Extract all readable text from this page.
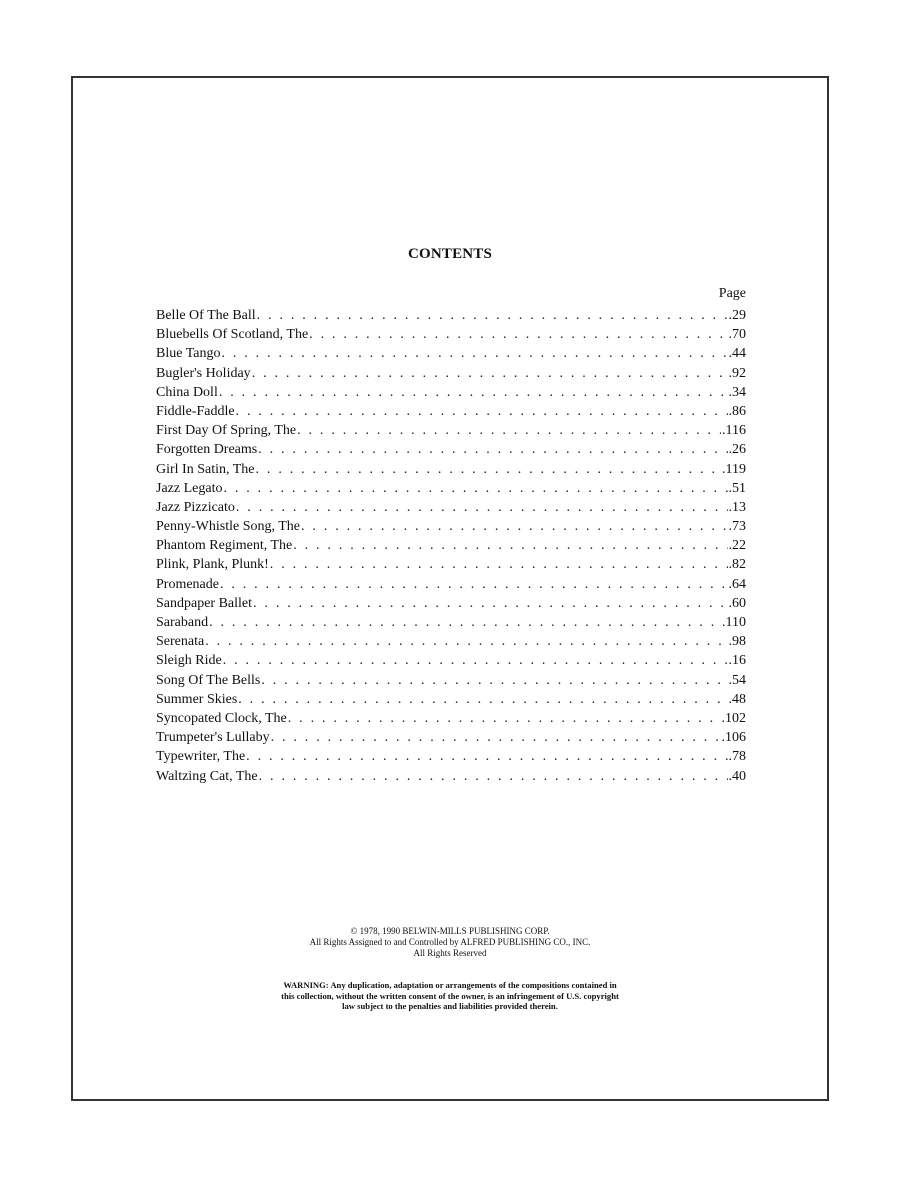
CONTENTS
Page
Belle Of The Ball . . .	.29
Bluebells Of Scotland, The . . .	.70
Blue Tango . . .	.44
Bugler's Holiday . . .	.92
China Doll . . .	.34
Fiddle-Faddle . . .	.86
First Day Of Spring, The . . .	.116
Forgotten Dreams . . .	.26
Girl In Satin, The . . .	.119
Jazz Legato . . .	.51
Jazz Pizzicato . . .	.13
Penny-Whistle Song, The . . .	.73
Phantom Regiment, The . . .	.22
Plink, Plank, Plunk! . . .	.82
Promenade . . .	.64
Sandpaper Ballet . . .	.60
Saraband . . .	.110
Serenata . . .	.98
Sleigh Ride . . .	.16
Song Of The Bells . . .	.54
Summer Skies . . .	.48
Syncopated Clock, The . . .	.102
Trumpeter's Lullaby . . .	.106
Typewriter, The . . .	.78
Waltzing Cat, The . . .	.40
© 1978, 1990 BELWIN-MILLS PUBLISHING CORP.
All Rights Assigned to and Controlled by ALFRED PUBLISHING CO., INC.
All Rights Reserved
WARNING: Any duplication, adaptation or arrangements of the compositions contained in
this collection, without the written consent of the owner, is an infringement of U.S. copyright
law subject to the penalties and liabilities provided therein.
